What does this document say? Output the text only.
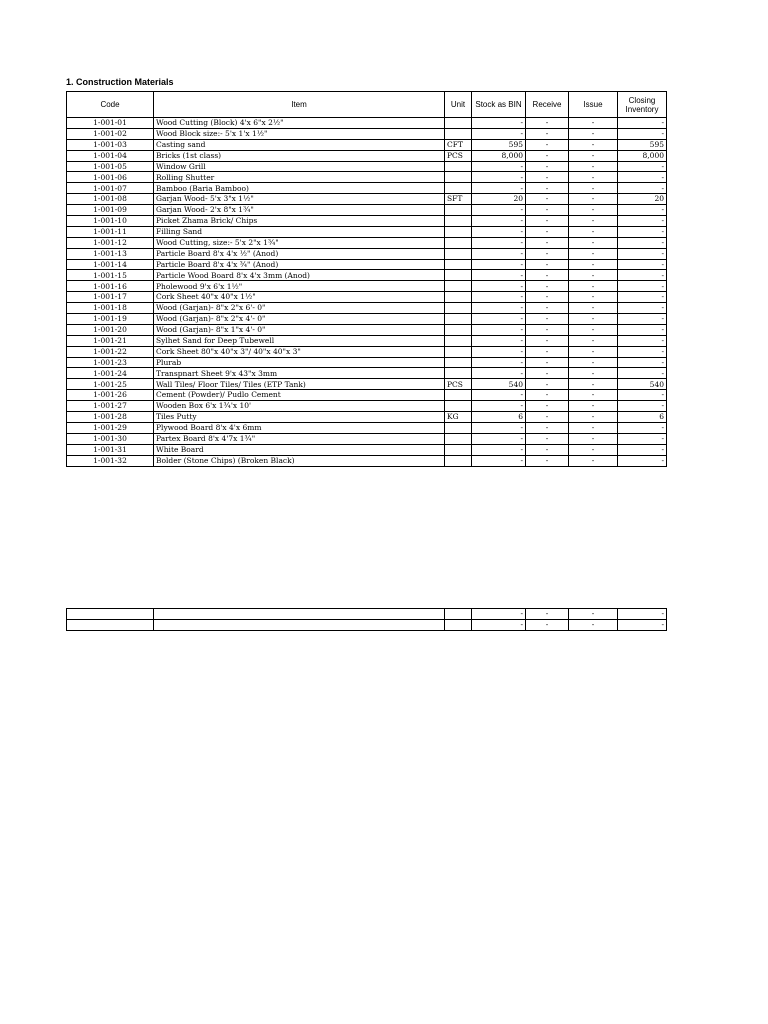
1. Construction Materials
Code	Item	Unit	Stock as BIN	Receive	Issue	Closing Inventory
1-001-01	Wood Cutting (Block) 4'x 6"x 2½"		-	-	-	-
1-001-02	Wood Block size:- 5'x 1'x 1½"		-	-	-	-
1-001-03	Casting sand	CFT	595	-	-	595
1-001-04	Bricks (1st class)	PCS	8,000	-	-	8,000
1-001-05	Window Grill		-	-	-	-
1-001-06	Rolling Shutter		-	-	-	-
1-001-07	Bamboo (Baria Bamboo)		-	-	-	-
1-001-08	Garjan Wood- 5'x 3"x 1½"	SFT	20	-	-	20
1-001-09	Garjan Wood- 2'x 8"x 1¾"		-	-	-	-
1-001-10	Picket Zhama Brick/ Chips		-	-	-	-
1-001-11	Filling Sand		-	-	-	-
1-001-12	Wood Cutting, size:- 5'x 2"x 1¾"		-	-	-	-
1-001-13	Particle Board 8'x 4'x ½" (Anod)		-	-	-	-
1-001-14	Particle Board 8'x 4'x ¾" (Anod)		-	-	-	-
1-001-15	Particle Wood Board 8'x 4'x 3mm (Anod)		-	-	-	-
1-001-16	Pholewood 9'x 6'x 1½"		-	-	-	-
1-001-17	Cork Sheet 40"x 40"x 1½"		-	-	-	-
1-001-18	Wood (Garjan)- 8"x 2"x 6'- 0"		-	-	-	-
1-001-19	Wood (Garjan)- 8"x 2"x 4'- 0"		-	-	-	-
1-001-20	Wood (Garjan)- 8"x 1"x 4'- 0"		-	-	-	-
1-001-21	Sylhet Sand for Deep Tubewell		-	-	-	-
1-001-22	Cork Sheet 80"x 40"x 3"/ 40"x 40"x 3"		-	-	-	-
1-001-23	Plurab		-	-	-	-
1-001-24	Transpnart Sheet 9'x 43"x 3mm		-	-	-	-
1-001-25	Wall Tiles/ Floor Tiles/ Tiles (ETP Tank)	PCS	540	-	-	540
1-001-26	Cement (Powder)/ Pudlo Cement		-	-	-	-
1-001-27	Wooden Box 6'x 1¾'x 10'		-	-	-	-
1-001-28	Tiles Putty	KG	6	-	-	6
1-001-29	Plywood Board 8'x 4'x 6mm		-	-	-	-
1-001-30	Partex Board 8'x 4'7x 1¾"		-	-	-	-
1-001-31	White Board		-	-	-	-
1-001-32	Bolder (Stone Chips) (Broken Black)		-	-	-	-
			-	-	-	-
			-	-	-	-
